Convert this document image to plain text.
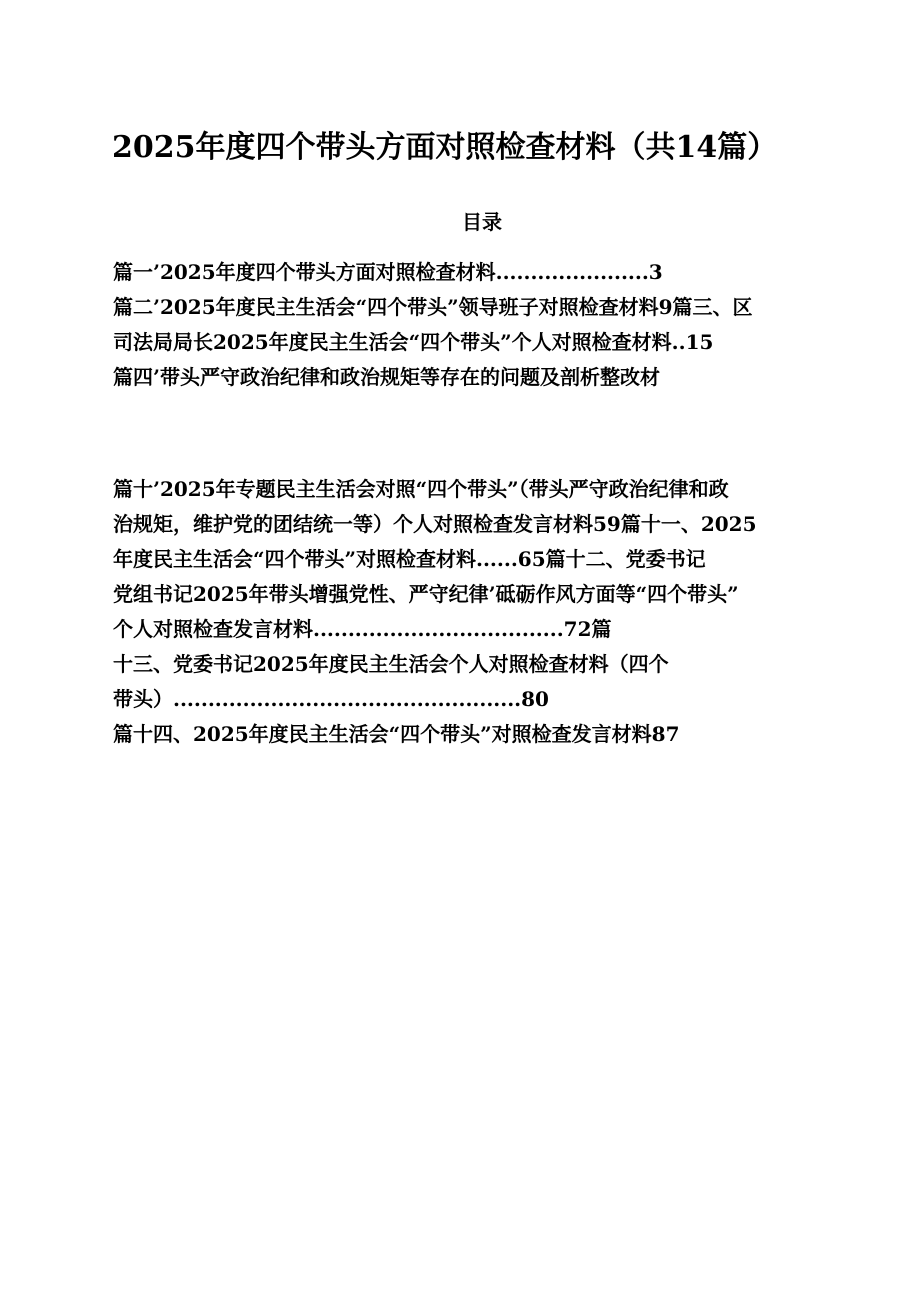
2025年度四个带头方面对照检查材料（共14篇）
目录
篇一’2025年度四个带头方面对照检查材料......................3
篇二’2025年度民主生活会“四个带头”领导班子对照检查材料9篇三、区
司法局局长2025年度民主生活会“四个带头”个人对照检查材料..15
篇四’带头严守政治纪律和政治规矩等存在的问题及剖析整改材
篇十’2025年专题民主生活会对照“四个带头”（带头严守政治纪律和政
治规矩，维护党的团结统一等）个人对照检查发言材料59篇十一、2025
年度民主生活会“四个带头”对照检查材料......65篇十二、党委书记
党组书记2025年带头增强党性、严守纪律’砥砺作风方面等“四个带头”
个人对照检查发言材料....................................72篇
十三、党委书记2025年度民主生活会个人对照检查材料（四个
带头）..................................................80
篇十四、2025年度民主生活会“四个带头”对照检查发言材料87
